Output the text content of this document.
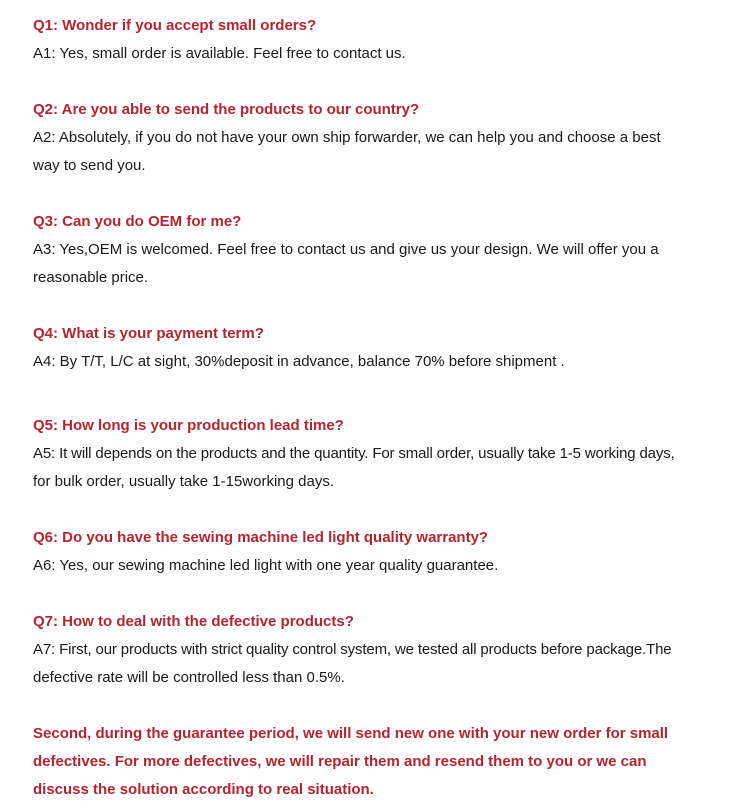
Q1: Wonder if you accept small orders?
A1: Yes, small order is available. Feel free to contact us.
Q2: Are you able to send the products to our country?
A2: Absolutely, if you do not have your own ship forwarder, we can help you and choose a best
way to send you.
Q3: Can you do OEM for me?
A3: Yes,OEM is welcomed. Feel free to contact us and give us your design. We will offer you a
reasonable price.
Q4: What is your payment term?
A4: By T/T, L/C at sight, 30%deposit in advance, balance 70% before shipment .
Q5: How long is your production lead time?
A5: It will depends on the products and the quantity. For small order, usually take 1-5 working days,
for bulk order, usually take 1-15working days.
Q6: Do you have the sewing machine led light quality warranty?
A6: Yes, our sewing machine led light with one year quality guarantee.
Q7: How to deal with the defective products?
A7: First, our products with strict quality control system, we tested all products before package.The
defective rate will be controlled less than 0.5%.
Second, during the guarantee period, we will send new one with your new order for small
defectives. For more defectives, we will repair them and resend them to you or we can
discuss the solution according to real situation.
